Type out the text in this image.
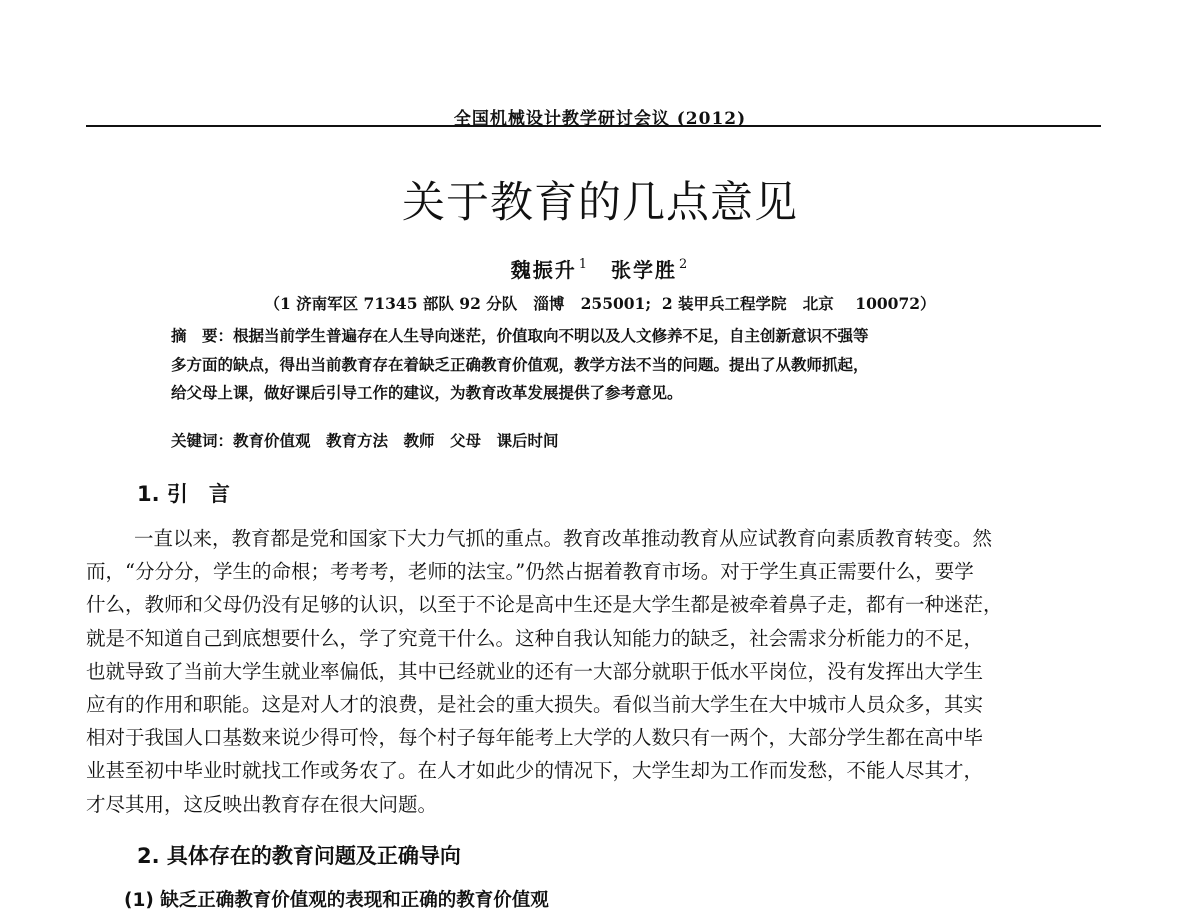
全国机械设计教学研讨会议 (2012)
关于教育的几点意见
魏振升 $^1$ 张学胜 $^2$
（1 济南军区 71345 部队 92 分队   淄博   255001;  2 装甲兵工程学院   北京    100072）
摘　要：根据当前学生普遍存在人生导向迷茫，价值取向不明以及人文修养不足，自主创新意识不强等
多方面的缺点，得出当前教育存在着缺乏正确教育价值观，教学方法不当的问题。提出了从教师抓起，
给父母上课，做好课后引导工作的建议，为教育改革发展提供了参考意见。
关键词：教育价值观　教育方法　教师　父母　课后时间
1. 引　言
一直以来，教育都是党和国家下大力气抓的重点。教育改革推动教育从应试教育向素质教育转变。然
而，“分分分，学生的命根；考考考，老师的法宝。”仍然占据着教育市场。对于学生真正需要什么，要学
什么，教师和父母仍没有足够的认识，以至于不论是高中生还是大学生都是被牵着鼻子走，都有一种迷茫，
就是不知道自己到底想要什么，学了究竟干什么。这种自我认知能力的缺乏，社会需求分析能力的不足，
也就导致了当前大学生就业率偏低，其中已经就业的还有一大部分就职于低水平岗位，没有发挥出大学生
应有的作用和职能。这是对人才的浪费，是社会的重大损失。看似当前大学生在大中城市人员众多，其实
相对于我国人口基数来说少得可怜，每个村子每年能考上大学的人数只有一两个，大部分学生都在高中毕
业甚至初中毕业时就找工作或务农了。在人才如此少的情况下，大学生却为工作而发愁，不能人尽其才，
才尽其用，这反映出教育存在很大问题。
2. 具体存在的教育问题及正确导向
(1) 缺乏正确教育价值观的表现和正确的教育价值观
